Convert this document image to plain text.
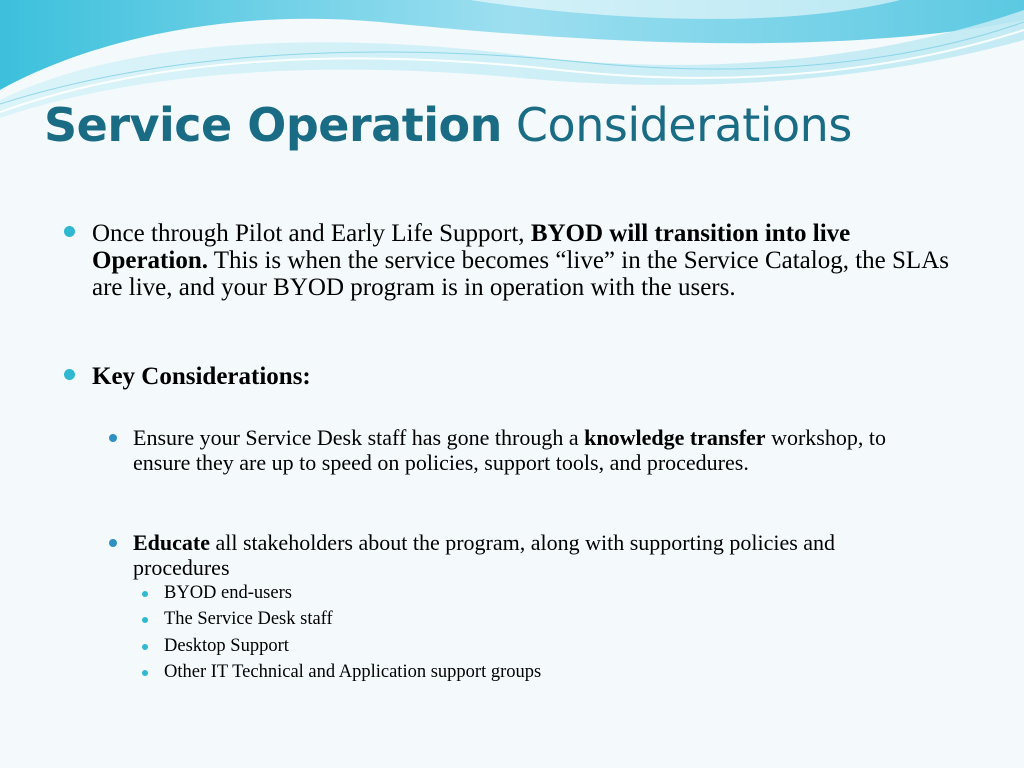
Service Operation Considerations
Once through Pilot and Early Life Support, BYOD will transition into live Operation. This is when the service becomes “live” in the Service Catalog, the SLAs are live, and your BYOD program is in operation with the users.
Key Considerations:
Ensure your Service Desk staff has gone through a knowledge transfer workshop, to ensure they are up to speed on policies, support tools, and procedures.
Educate all stakeholders about the program, along with supporting policies and procedures
BYOD end-users
The Service Desk staff
Desktop Support
Other IT Technical and Application support groups
